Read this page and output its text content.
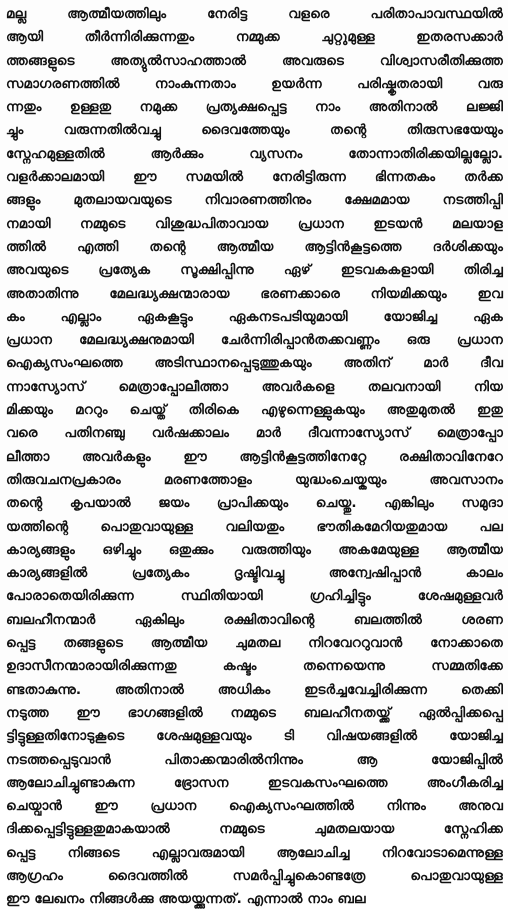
മല്ല ആത്മീയത്തിലും നേരിട്ട വളരെ പരിതാപാവസ്ഥയിൽ
ആയി തീർന്നിരിക്കുന്നതും നമ്മുക്ക ചുറ്റുമുള്ള ഇതരസക്കാർ
ത്തങ്ങളുടെ അത്യുൽസാഹത്താൽ അവരുടെ വിശ്വാസരീതിക്കുത്ത
സമാഗരണത്തിൽ നാംകുന്നതാം ഉയർന്ന പരിഷ്കൃതരായി വരു
ന്നതും ഉള്ളതു നമുക്ക പ്രത്യക്ഷപ്പെട്ട നാം അതിനാൽ ലജ്ജി
ച്ചും വരുന്നതിൽവച്ചു ദൈവത്തേയും തന്റെ തിരുസഭയേയും
സ്നേഹമുള്ളതിൽ ആർക്കും വ്യസനം തോന്നാതിരിക്കയില്ലല്ലോ.
വളർക്കാലമായി ഈ സമയിൽ നേരിട്ടിരുന്ന ഭിന്നതകം തർക്ക
ങ്ങളും മുതലായവയുടെ നിവാരണത്തിനും ക്ഷേമമായ നടത്തിപ്പി
നമായി നമ്മുടെ വിശുദ്ധപിതാവായ പ്രധാന ഇടയൻ മലയാള
ത്തിൽ എത്തി തന്റെ ആത്മീയ ആട്ടിൻകൂട്ടത്തെ ദർശിക്കയും
അവയുടെ പ്രത്യേക സൂക്ഷിപ്പിന്നു ഏഴ് ഇടവകകളായി തിരിച്ച
അതാതിന്നു മേലദ്ധ്യക്ഷന്മാരായ ഭരണക്കാരെ നിയമിക്കയും ഇവ
കം എല്ലാം ഏകകൂട്ടും ഏകനടപടിയുമായി യോജിച്ച ഏക
പ്രധാന മേലദ്ധ്യക്ഷനുമായി ചേർന്നിരിപ്പാൻതക്കവണ്ണം ഒരു പ്രധാന
ഐക്യസംഘത്തെ അടിസ്ഥാനപ്പെടുത്തുകയും അതിന് മാർ ദീവ
ന്നാസ്യോസ് മെത്രാപ്പോലീത്താ അവർകളെ തലവനായി നിയ
മിക്കയും മററും ചെയ്ത് തിരികെ എഴുന്നെള്ളുകയും അതുമുതൽ ഇതു
വരെ പതിനഞ്ചു വർഷക്കാലം മാർ ദീവന്നാസ്യോസ് മെത്രാപ്പോ
ലീത്താ അവർകളും ഈ ആട്ടിൻകൂട്ടത്തിനേറ്റേ രക്ഷിതാവിനേറേ
തിരുവചനപ്രകാരം മരണത്തോളം യുദ്ധംചെയ്കയും അവസാനം
തന്റെ കൃപയാൽ ജയം പ്രാപിക്കയും ചെയ്തു. എങ്കിലും സമുദാ
യത്തിന്റെ പൊതുവായുള്ള വലിയതും ഭൗതികമേറിയതുമായ പല
കാര്യങ്ങളും ഒഴിച്ചും ഒതുക്കും വരുത്തിയും അകമേയുള്ള ആത്മീയ
കാര്യങ്ങളിൽ പ്രത്യേകം ദൃഷ്ടിവച്ചു അന്വേഷിപ്പാൻ കാലം
പോരാതെയിരിക്കുന്ന സ്ഥിതിയായി ഗ്രഹിച്ചിട്ടും ശേഷമുള്ളവർ
ബലഹീനന്മാർ ഏകിലും രക്ഷിതാവിന്റെ ബലത്തിൽ ശരണ
പ്പെട്ട തങ്ങളുടെ ആത്മീയ ചുമതല നിറവേററുവാൻ നോക്കാതെ
ഉദാസീനന്മാരായിരിക്കുന്നതു കഷ്ടം തന്നെയെന്നു സമ്മതിക്കേ
ണ്ടതാകുന്നു. അതിനാൽ അധികം ഇടർച്ചവേച്ചിരിക്കുന്ന തെക്കി
നടുത്ത ഈ ഭാഗങ്ങളിൽ നമ്മുടെ ബലഹീനതയ്ക്ക് ഏൽപ്പിക്കപ്പെ
ട്ടിട്ടുള്ളതിനോടുകൂടെ ശേഷമുള്ളവയും ടി വിഷയങ്ങളിൽ യോജിച്ച
നടത്തപ്പെടുവാൻ പിതാക്കന്മാരിൽനിന്നും ആ യോജിപ്പിൽ
ആലോചിച്ചുണ്ടാകുന്ന ഭ്രോസന ഇടവകസംഘത്തെ അംഗീകരിച്ച
ചെയ്വാൻ ഈ പ്രധാന ഐക്യസംഘത്തിൽ നിന്നും അനുവ
ദിക്കപ്പെട്ടിട്ടുള്ളതുമാകയാൽ നമ്മുടെ ചുമതലയായ സ്നേഹിക്ക
പ്പെട്ട നിങ്ങടെ എല്ലാവരുമായി ആലോചിച്ച നിറവോടാമെന്നുള്ള
ആഗ്രഹം ദൈവത്തിൽ സമർപ്പിച്ചുകൊണ്ടത്രേ പൊതുവായുള്ള
ഈ ലേഖനം നിങ്ങൾക്കു അയയ്ക്കുന്നത്. എന്നാൽ നാം ബല
